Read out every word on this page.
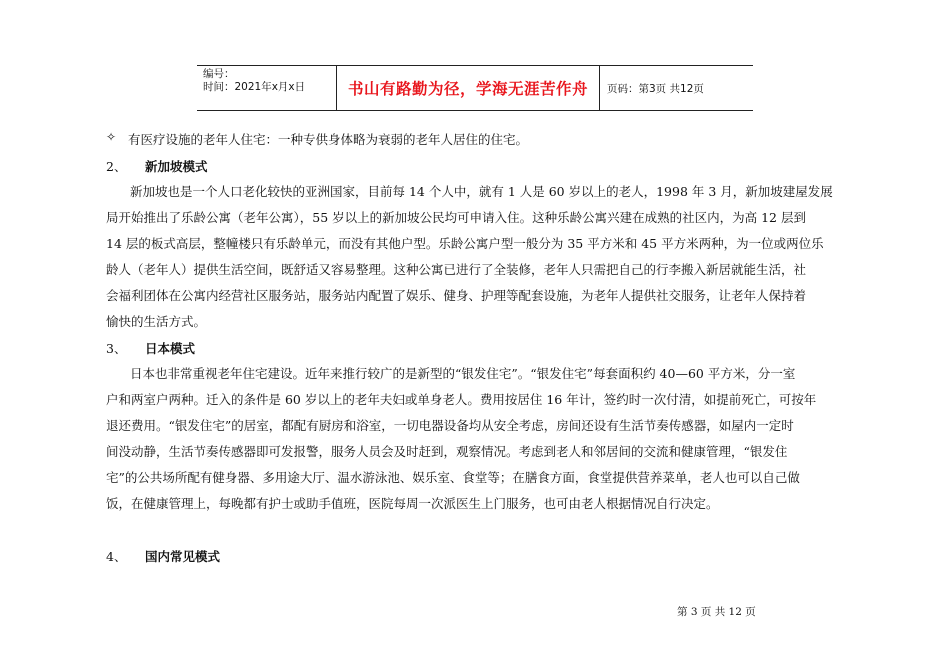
编号：
时间：2021年x月x日	书山有路勤为径，学海无涯苦作舟	页码：第3页 共12页
✧ 有医疗设施的老年人住宅：一种专供身体略为衰弱的老年人居住的住宅。
2、 新加坡模式

新加坡也是一个人口老化较快的亚洲国家，目前每 14 个人中，就有 1 人是 60 岁以上的老人，1998 年 3 月，新加坡建屋发展

局开始推出了乐龄公寓（老年公寓），55 岁以上的新加坡公民均可申请入住。这种乐龄公寓兴建在成熟的社区内，为高 12 层到

14 层的板式高层，整幢楼只有乐龄单元，而没有其他户型。乐龄公寓户型一般分为 35 平方米和 45 平方米两种，为一位或两位乐

龄人（老年人）提供生活空间，既舒适又容易整理。这种公寓已进行了全装修，老年人只需把自己的行李搬入新居就能生活，社

会福利团体在公寓内经营社区服务站，服务站内配置了娱乐、健身、护理等配套设施，为老年人提供社交服务，让老年人保持着

愉快的生活方式。

3、 日本模式

日本也非常重视老年住宅建设。近年来推行较广的是新型的“银发住宅”。“银发住宅”每套面积约 40—60 平方米，分一室

户和两室户两种。迁入的条件是 60 岁以上的老年夫妇或单身老人。费用按居住 16 年计，签约时一次付清，如提前死亡，可按年

退还费用。“银发住宅”的居室，都配有厨房和浴室，一切电器设备均从安全考虑，房间还设有生活节奏传感器，如屋内一定时

间没动静，生活节奏传感器即可发报警，服务人员会及时赶到，观察情况。考虑到老人和邻居间的交流和健康管理，“银发住

宅”的公共场所配有健身器、多用途大厅、温水游泳池、娱乐室、食堂等；在膳食方面，食堂提供营养菜单，老人也可以自己做

饭，在健康管理上，每晚都有护士或助手值班，医院每周一次派医生上门服务，也可由老人根据情况自行决定。

4、 国内常见模式
第 3 页 共 12 页
